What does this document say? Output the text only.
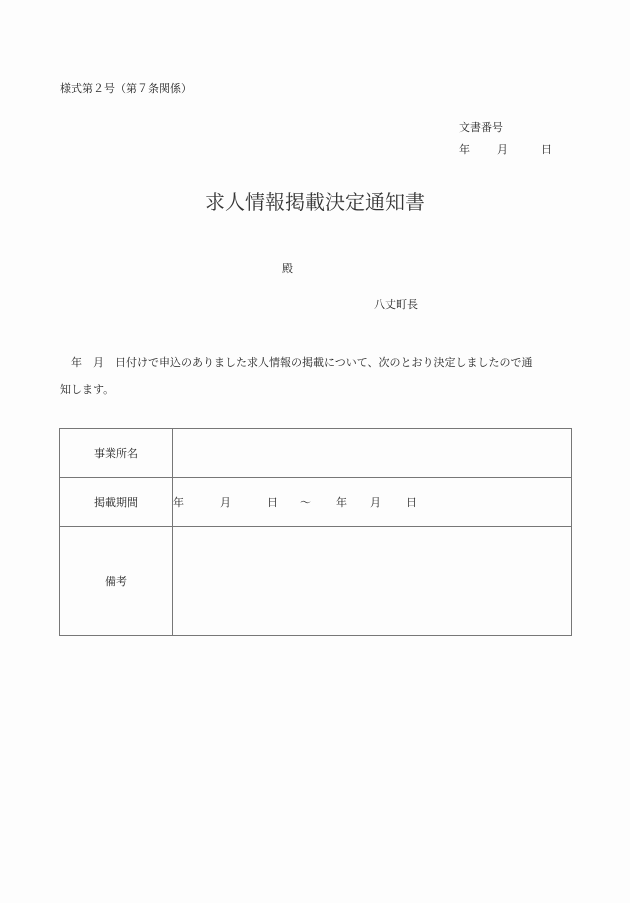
様式第２号（第７条関係）
文書番号
年 月	日
求人情報掲載決定通知書
殿
八丈町長
　年　月　日付けで申込のありました求人情報の掲載について、次のとおり決定しましたので通
知します。
事業所名	
掲載期間	年 月 日 ～ 年 月 日
備考	
